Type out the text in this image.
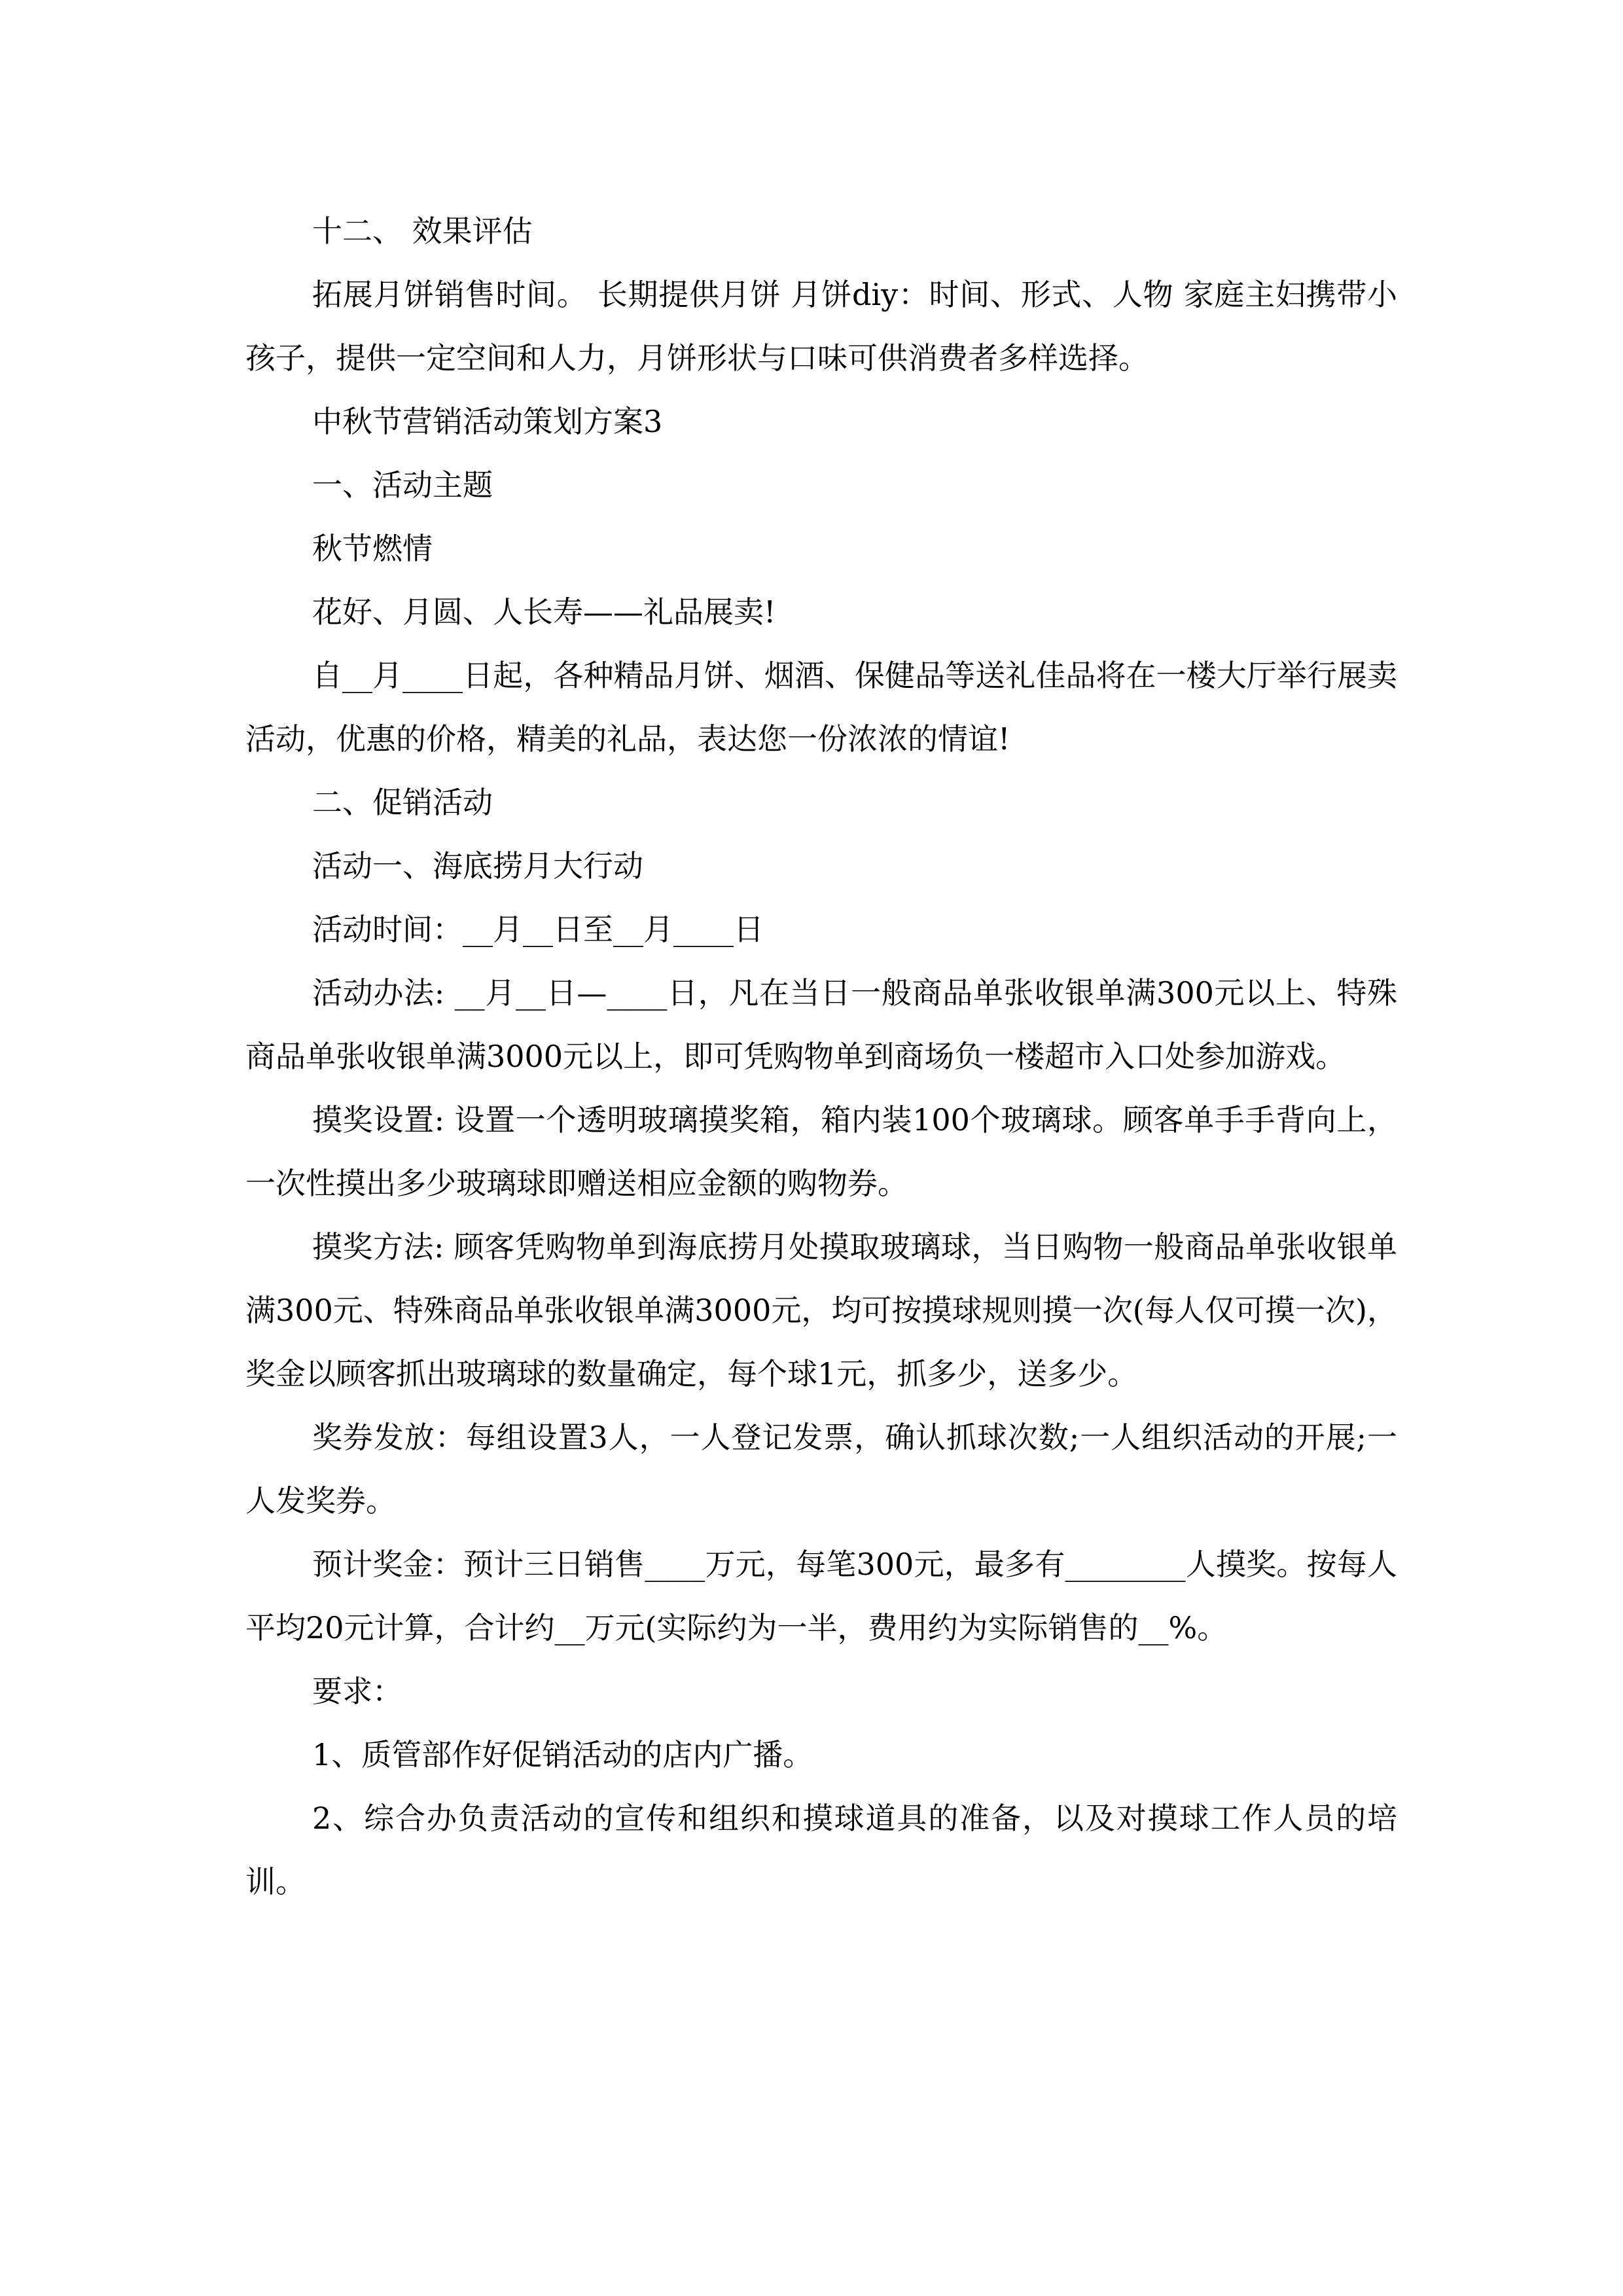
十二、 效果评估

拓展月饼销售时间。 长期提供月饼 月饼diy：时间、形式、人物 家庭主妇携带小孩子，提供一定空间和人力，月饼形状与口味可供消费者多样选择。

中秋节营销活动策划方案3

一、活动主题

秋节燃情

花好、月圆、人长寿——礼品展卖!

自__月____日起，各种精品月饼、烟酒、保健品等送礼佳品将在一楼大厅举行展卖活动，优惠的价格，精美的礼品，表达您一份浓浓的情谊!

二、促销活动

活动一、海底捞月大行动

活动时间：__月__日至__月____日

活动办法: __月__日—____日，凡在当日一般商品单张收银单满300元以上、特殊商品单张收银单满3000元以上，即可凭购物单到商场负一楼超市入口处参加游戏。

摸奖设置: 设置一个透明玻璃摸奖箱，箱内装100个玻璃球。顾客单手手背向上，一次性摸出多少玻璃球即赠送相应金额的购物券。

摸奖方法: 顾客凭购物单到海底捞月处摸取玻璃球，当日购物一般商品单张收银单满300元、特殊商品单张收银单满3000元，均可按摸球规则摸一次(每人仅可摸一次)，奖金以顾客抓出玻璃球的数量确定，每个球1元，抓多少，送多少。

奖券发放：每组设置3人，一人登记发票，确认抓球次数;一人组织活动的开展;一人发奖券。

预计奖金：预计三日销售____万元，每笔300元，最多有________人摸奖。按每人平均20元计算，合计约__万元(实际约为一半，费用约为实际销售的__%。

要求：

1、质管部作好促销活动的店内广播。

2、综合办负责活动的宣传和组织和摸球道具的准备，以及对摸球工作人员的培训。
